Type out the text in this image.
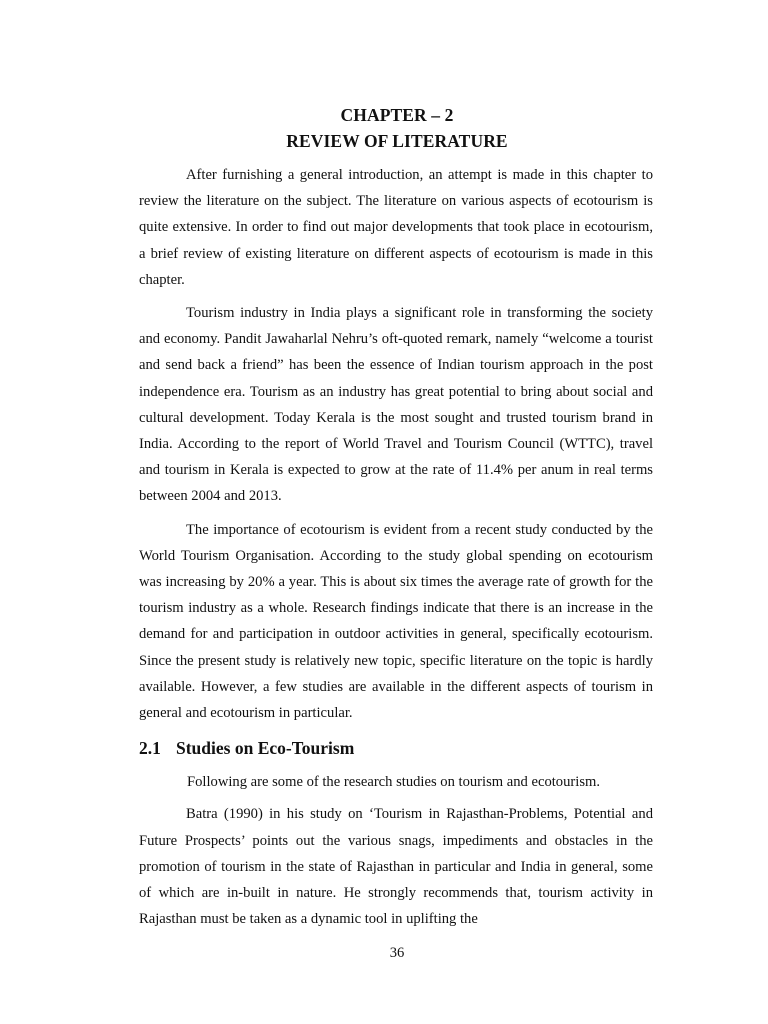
CHAPTER – 2
REVIEW OF LITERATURE

After furnishing a general introduction, an attempt is made in this chapter to review the literature on the subject. The literature on various aspects of ecotourism is quite extensive. In order to find out major developments that took place in ecotourism, a brief review of existing literature on different aspects of ecotourism is made in this chapter.

Tourism industry in India plays a significant role in transforming the society and economy. Pandit Jawaharlal Nehru’s oft-quoted remark, namely “welcome a tourist and send back a friend” has been the essence of Indian tourism approach in the post independence era. Tourism as an industry has great potential to bring about social and cultural development. Today Kerala is the most sought and trusted tourism brand in India. According to the report of World Travel and Tourism Council (WTTC), travel and tourism in Kerala is expected to grow at the rate of 11.4% per anum in real terms between 2004 and 2013.

The importance of ecotourism is evident from a recent study conducted by the World Tourism Organisation. According to the study global spending on ecotourism was increasing by 20% a year. This is about six times the average rate of growth for the tourism industry as a whole. Research findings indicate that there is an increase in the demand for and participation in outdoor activities in general, specifically ecotourism. Since the present study is relatively new topic, specific literature on the topic is hardly available. However, a few studies are available in the different aspects of tourism in general and ecotourism in particular.

2.1 Studies on Eco-Tourism

Following are some of the research studies on tourism and ecotourism.

Batra (1990) in his study on ‘Tourism in Rajasthan-Problems, Potential and Future Prospects’ points out the various snags, impediments and obstacles in the promotion of tourism in the state of Rajasthan in particular and India in general, some of which are in-built in nature. He strongly recommends that, tourism activity in Rajasthan must be taken as a dynamic tool in uplifting the

36
